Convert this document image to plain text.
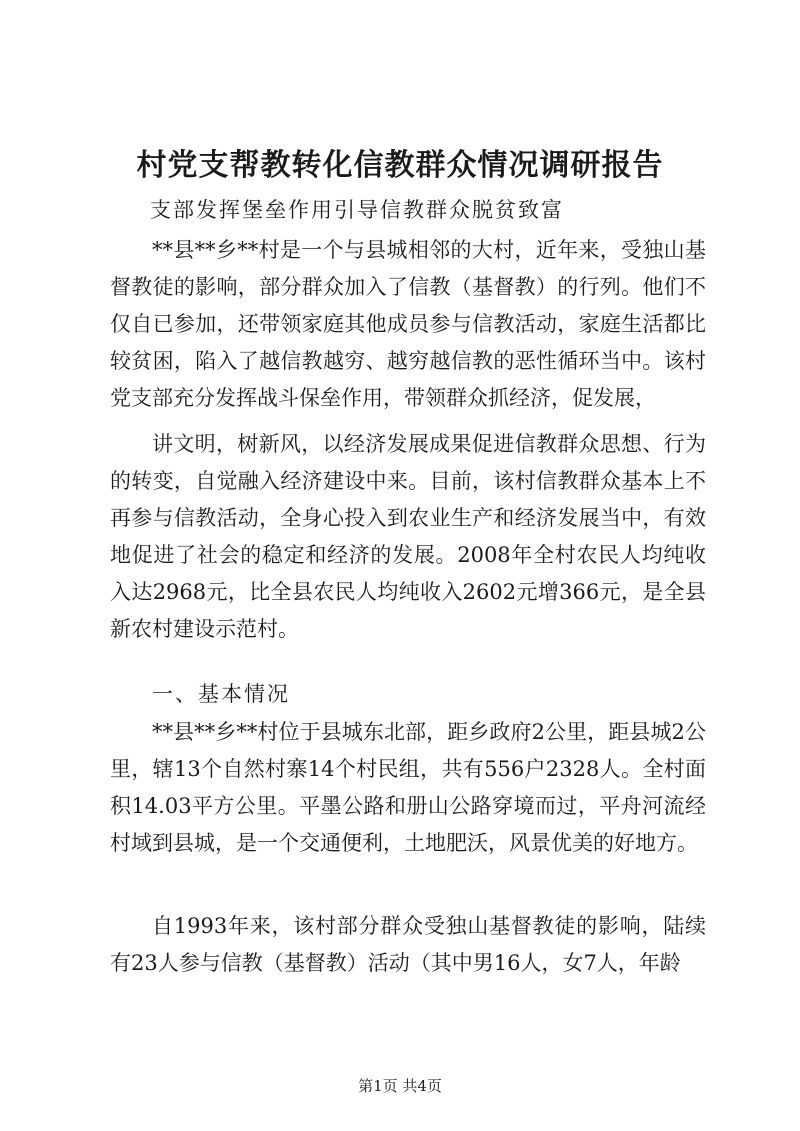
村党支帮教转化信教群众情况调研报告

支部发挥堡垒作用引导信教群众脱贫致富

**县**乡**村是一个与县城相邻的大村，近年来，受独山基督教徒的影响，部分群众加入了信教（基督教）的行列。他们不仅自已参加，还带领家庭其他成员参与信教活动，家庭生活都比较贫困，陷入了越信教越穷、越穷越信教的恶性循环当中。该村党支部充分发挥战斗保垒作用，带领群众抓经济，促发展，

讲文明，树新风，以经济发展成果促进信教群众思想、行为的转变，自觉融入经济建设中来。目前，该村信教群众基本上不再参与信教活动，全身心投入到农业生产和经济发展当中，有效地促进了社会的稳定和经济的发展。2008年全村农民人均纯收入达2968元，比全县农民人均纯收入2602元增366元，是全县新农村建设示范村。

一、基本情况

**县**乡**村位于县城东北部，距乡政府2公里，距县城2公里，辖13个自然村寨14个村民组，共有556户2328人。全村面积14.03平方公里。平墨公路和册山公路穿境而过，平舟河流经村域到县城，是一个交通便利，土地肥沃，风景优美的好地方。

自1993年来，该村部分群众受独山基督教徒的影响，陆续有23人参与信教（基督教）活动（其中男16人，女7人，年龄

第1页 共4页
